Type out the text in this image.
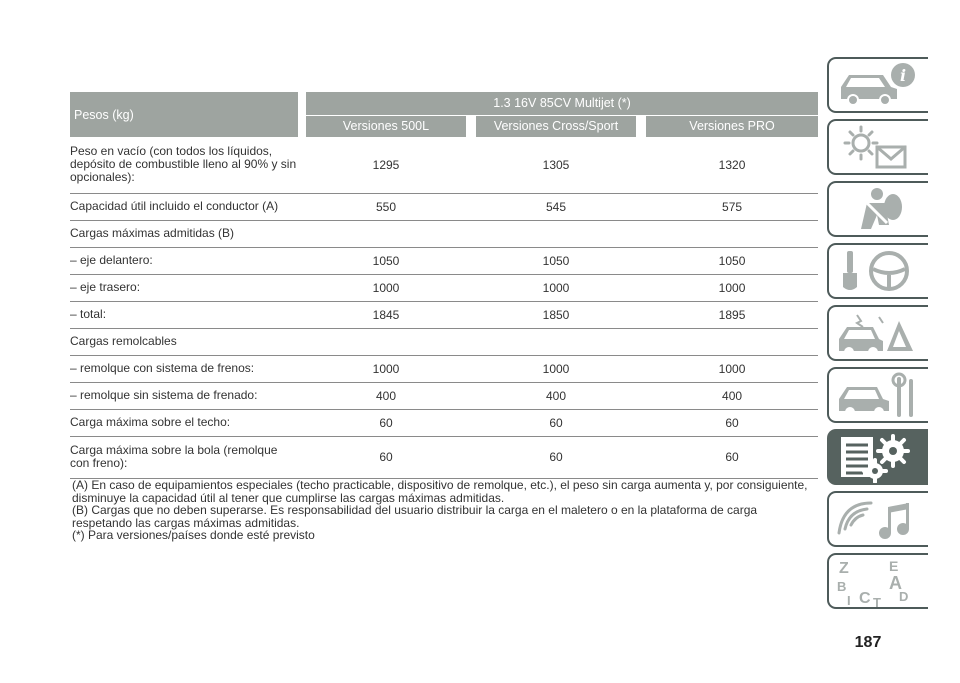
Pesos (kg)		1.3 16V 85CV Multijet (*)				
		Versiones 500L		Versiones Cross/Sport		Versiones PRO
Peso en vacío (con todos los líquidos, depósito de combustible lleno al 90% y sin opcionales):		1295		1305		1320
Capacidad útil incluido el conductor (A)		550		545		575
Cargas máximas admitidas (B)						
– eje delantero:		1050		1050		1050
– eje trasero:		1000		1000		1000
– total:		1845		1850		1895
Cargas remolcables						
– remolque con sistema de frenos:		1000		1000		1000
– remolque sin sistema de frenado:		400		400		400
Carga máxima sobre el techo:		60		60		60
Carga máxima sobre la bola (remolque con freno):		60		60		60

(A) En caso de equipamientos especiales (techo practicable, dispositivo de remolque, etc.), el peso sin carga aumenta y, por consiguiente, disminuye la capacidad útil al tener que cumplirse las cargas máximas admitidas.

(B) Cargas que no deben superarse. Es responsabilidad del usuario distribuir la carga en el maletero o en la plataforma de carga respetando las cargas máximas admitidas.

(*) Para versiones/países donde esté previsto

i
Z	E
B A
I C D
T
187
